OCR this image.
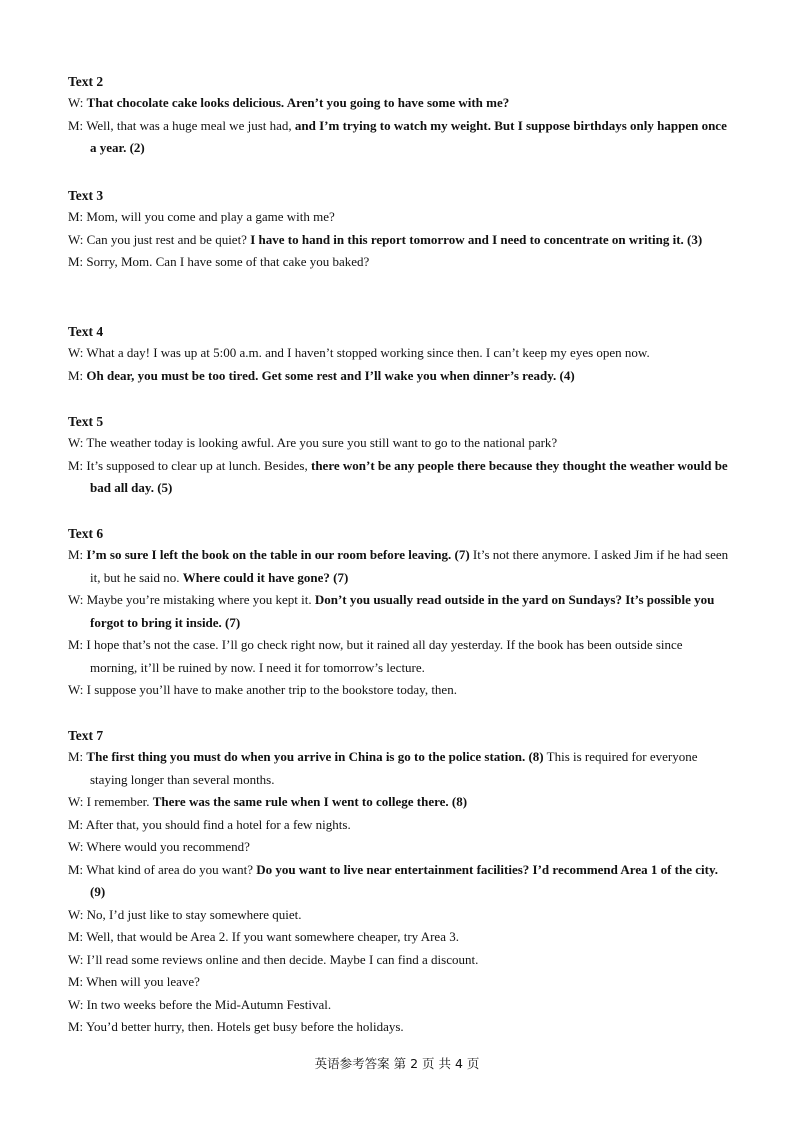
Text 2
W: That chocolate cake looks delicious. Aren’t you going to have some with me?
M: Well, that was a huge meal we just had, and I’m trying to watch my weight. But I suppose birthdays only happen once a year. (2)
Text 3
M: Mom, will you come and play a game with me?
W: Can you just rest and be quiet? I have to hand in this report tomorrow and I need to concentrate on writing it. (3)
M: Sorry, Mom. Can I have some of that cake you baked?
Text 4
W: What a day! I was up at 5:00 a.m. and I haven’t stopped working since then. I can’t keep my eyes open now.
M: Oh dear, you must be too tired. Get some rest and I’ll wake you when dinner’s ready. (4)
Text 5
W: The weather today is looking awful. Are you sure you still want to go to the national park?
M: It’s supposed to clear up at lunch. Besides, there won’t be any people there because they thought the weather would be bad all day. (5)
Text 6
M: I’m so sure I left the book on the table in our room before leaving. (7) It’s not there anymore. I asked Jim if he had seen it, but he said no. Where could it have gone? (7)
W: Maybe you’re mistaking where you kept it. Don’t you usually read outside in the yard on Sundays? It’s possible you forgot to bring it inside. (7)
M: I hope that’s not the case. I’ll go check right now, but it rained all day yesterday. If the book has been outside since morning, it’ll be ruined by now. I need it for tomorrow’s lecture.
W: I suppose you’ll have to make another trip to the bookstore today, then.
Text 7
M: The first thing you must do when you arrive in China is go to the police station. (8) This is required for everyone staying longer than several months.
W: I remember. There was the same rule when I went to college there. (8)
M: After that, you should find a hotel for a few nights.
W: Where would you recommend?
M: What kind of area do you want? Do you want to live near entertainment facilities? I’d recommend Area 1 of the city. (9)
W: No, I’d just like to stay somewhere quiet.
M: Well, that would be Area 2. If you want somewhere cheaper, try Area 3.
W: I’ll read some reviews online and then decide. Maybe I can find a discount.
M: When will you leave?
W: In two weeks before the Mid-Autumn Festival.
M: You’d better hurry, then. Hotels get busy before the holidays.
英语参考答案 第 2 页 共 4 页
